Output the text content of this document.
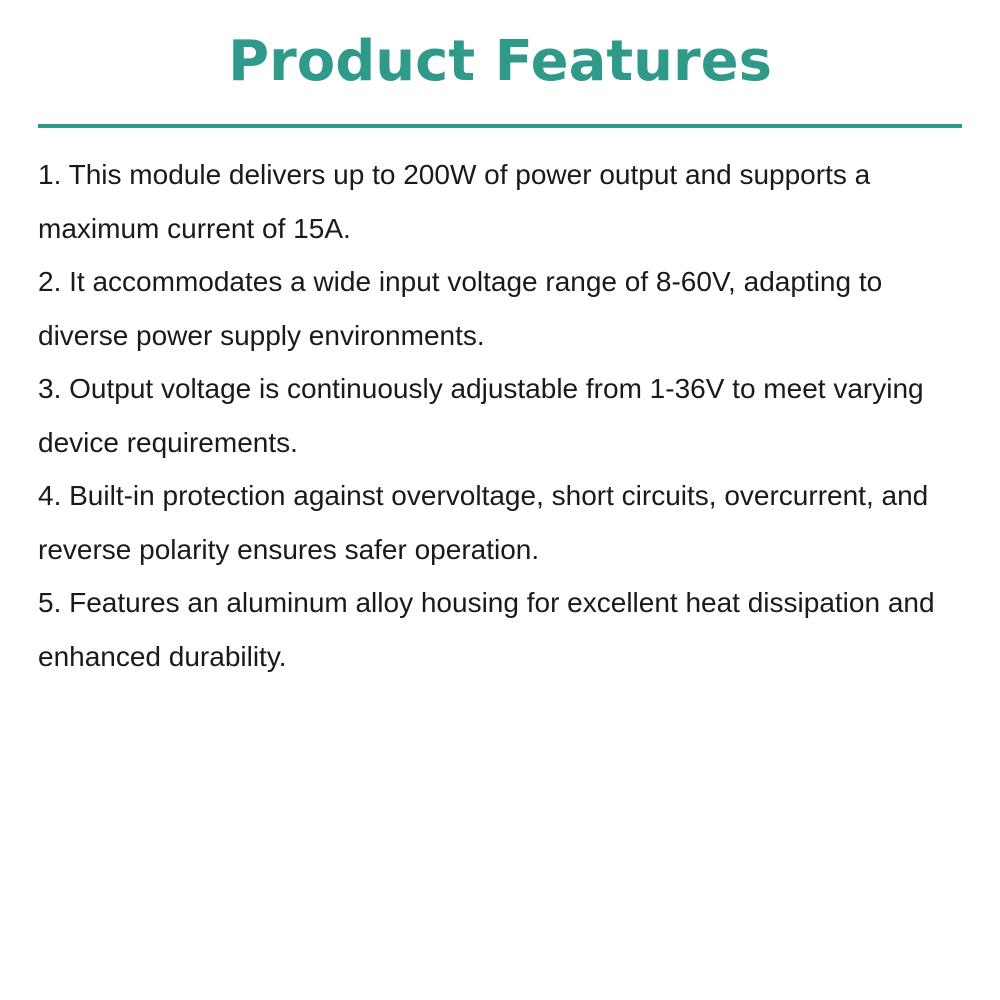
Product Features
1. This module delivers up to 200W of power output and supports a maximum current of 15A.
2. It accommodates a wide input voltage range of 8-60V, adapting to diverse power supply environments.
3. Output voltage is continuously adjustable from 1-36V to meet varying device requirements.
4. Built-in protection against overvoltage, short circuits, overcurrent, and reverse polarity ensures safer operation.
5. Features an aluminum alloy housing for excellent heat dissipation and enhanced durability.
